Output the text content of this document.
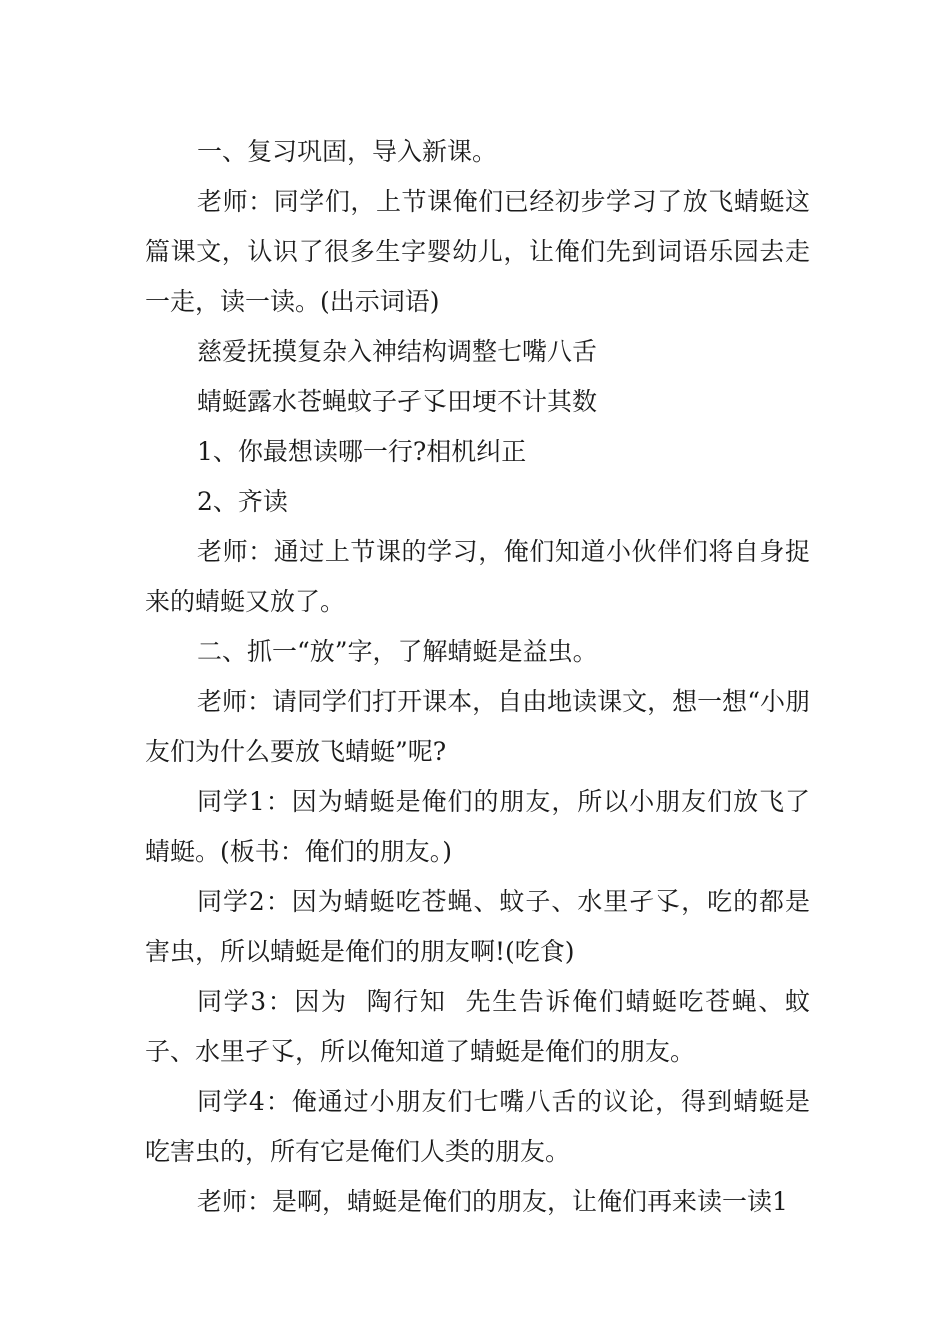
一、复习巩固，导入新课。

老师：同学们，上节课俺们已经初步学习了放飞蜻蜓这篇课文，认识了很多生字婴幼儿，让俺们先到词语乐园去走一走，读一读。(出示词语)

慈爱抚摸复杂入神结构调整七嘴八舌

蜻蜓露水苍蝇蚊子孑孓田埂不计其数

1、你最想读哪一行?相机纠正

2、齐读

老师：通过上节课的学习，俺们知道小伙伴们将自身捉来的蜻蜓又放了。

二、抓一“放”字，了解蜻蜓是益虫。

老师：请同学们打开课本，自由地读课文，想一想“小朋友们为什么要放飞蜻蜓”呢?

同学1：因为蜻蜓是俺们的朋友，所以小朋友们放飞了蜻蜓。(板书：俺们的朋友。)

同学2：因为蜻蜓吃苍蝇、蚊子、水里孑孓，吃的都是害虫，所以蜻蜓是俺们的朋友啊!(吃食)

同学3：因为  陶行知  先生告诉俺们蜻蜓吃苍蝇、蚊子、水里孑孓，所以俺知道了蜻蜓是俺们的朋友。

同学4：俺通过小朋友们七嘴八舌的议论，得到蜻蜓是吃害虫的，所有它是俺们人类的朋友。

老师：是啊，蜻蜓是俺们的朋友，让俺们再来读一读1
